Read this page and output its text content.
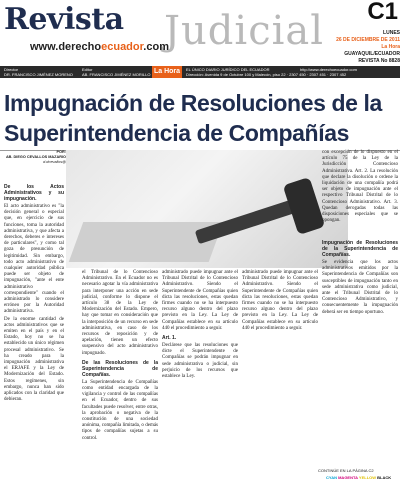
Revista Judicial
www.derechoecuador.com
C1
LUNES
26 DE DICIEMBRE DE 2011
La Hora GUAYAQUIL/ECUADOR
REVISTA No 8828
Director
DR. FRANCISCO JIMÉNEZ MORENO
Editor
AB. FRANCISCO JIMÉNEZ MORILLO La Hora	EL ÚNICO DIARIO JURÍDICO DEL ECUADOR	http://www.derechoecuador.com
Dirección: Avenida 9 de Octubre 100 y Malecón, piso 22 · 2307 450 · 2307 451 · 2307 452
Impugnación de Resoluciones de la Superintendencia de Compañías
POR:
AB. DIEGO CEVALLOS MAZARIO
d.dcevallos@
De los Actos Administrativos y su impugnación.

El acto administrativo es "la decisión general o especial que, en ejercicio de sus funciones, toma la autoridad administrativa, y que afecta a derechos, deberes e intereses de particulares", y como tal goza de presunción de legitimidad. Sin embargo, todo acto administrativo de cualquier autoridad pública puede ser objeto de impugnación, "ante el ente administrativo correspondiente" cuando el administrado lo considere erróneo por la Autoridad administrativa.

De la enorme cantidad de actos administrativos que se emiten en el país y en el Estado, hoy no se ha establecido un único régimen procesal administrativo. Se ha creado para la impugnación administrativa el ERJAFE y la Ley de Modernización del Estado. Estos regímenes, sin embargo, nunca han sido aplicados con la claridad que debieran.

el Tribunal de lo Contencioso Administrativo. En el Ecuador no es necesario agotar la vía administrativa para interponer una acción en sede judicial, conforme lo dispone el artículo 38 de la Ley de Modernización del Estado. Empero, hay que tomar en consideración que la interposición de un recurso en sede administrativa, en caso de los recursos de reposición y de apelación, tienen un efecto suspensivo del acto administrativo impugnado.

De las Resoluciones de la Superintendencia de Compañías.

La Superintendencia de Compañías como entidad encargada de la vigilancia y control de las compañías en el Ecuador, dentro de sus facultades puede resolver, entre otras, la aprobación o negativa de la constitución de una sociedad anónima, compañía limitada, o demás tipos de compañías sujetas a su control.

administrado puede impugnar ante el Tribunal Distrital de lo Contencioso Administrativo. Siendo el Superintendente de Compañías quien dicta las resoluciones, estas quedan firmes cuando no se ha interpuesto recurso alguno dentro del plazo previsto en la Ley. La Ley de Compañías establece en su artículo 440 el procedimiento a seguir.

Art. 1.

Declárese que las resoluciones que dicte el Superintendente de Compañías se podrán impugnar en sede administrativa o judicial, sin perjuicio de los recursos que establece la Ley.

administrado puede impugnar ante el Tribunal Distrital de lo Contencioso Administrativo. Siendo el Superintendente de Compañías quien dicta las resoluciones, estas quedan firmes cuando no se ha interpuesto recurso alguno dentro del plazo previsto en la Ley. La Ley de Compañías establece en su artículo 440 el procedimiento a seguir.

con excepción de lo dispuesto en el artículo 75 de la Ley de la Jurisdicción Contencioso Administrativa. Art. 2. La resolución que declare la disolución o ordene la liquidación de una compañía podrá ser objeto de impugnación ante el respectivo Tribunal Distrital de lo Contencioso Administrativo. Art. 3. Quedan derogadas todas las disposiciones especiales que se opongan.

Impugnación de Resoluciones de la Superintendencia de Compañías.

Se evidencia que los actos administrativos emitidos por la Superintendencia de Compañías son susceptibles de impugnación tanto en sede administrativa como judicial, ante el Tribunal Distrital de lo Contencioso Administrativo, y consecuentemente la impugnación deberá ser en tiempo oportuno.

CONTINÚE EN LA PÁGINA C2
CYAN MAGENTA YELLOW BLACK
